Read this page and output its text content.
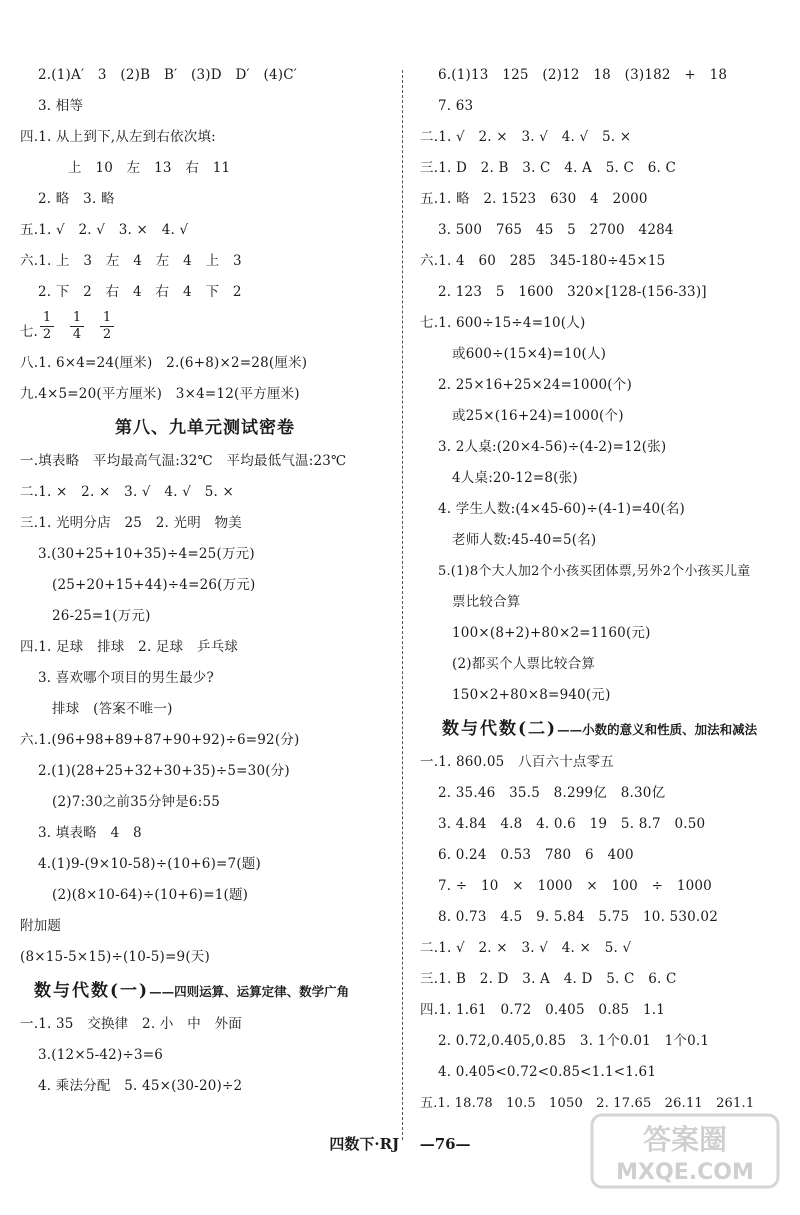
2.(1)A′　3　(2)B　B′　(3)D　D′　(4)C′
3. 相等
四.1. 从上到下,从左到右依次填:
上　10　左　13　右　11
2. 略　3. 略
五.1. √　2. √　3. ×　4. √
六.1. 上　3　左　4　左　4　上　3
2. 下　2　右　4　右　4　下　2
七. $\frac{1}{2} \frac{1}{4} \frac{1}{2}$
八.1. 6×4=24(厘米)　2.(6+8)×2=28(厘米)
九.4×5=20(平方厘米)　3×4=12(平方厘米)
第八、九单元测试密卷
一.填表略　平均最高气温:32℃　平均最低气温:23℃
二.1. ×　2. ×　3. √　4. √　5. ×
三.1. 光明分店　25　2. 光明　物美
3.(30+25+10+35)÷4=25(万元)
(25+20+15+44)÷4=26(万元)
26-25=1(万元)
四.1. 足球　排球　2. 足球　乒乓球
3. 喜欢哪个项目的男生最少?
排球　(答案不唯一)
六.1.(96+98+89+87+90+92)÷6=92(分)
2.(1)(28+25+32+30+35)÷5=30(分)
(2)7:30之前35分钟是6:55
3. 填表略　4　8
4.(1)9-(9×10-58)÷(10+6)=7(题)
(2)(8×10-64)÷(10+6)=1(题)
附加题
(8×15-5×15)÷(10-5)=9(天)
数与代数(一)——四则运算、运算定律、数学广角
一.1. 35　交换律　2. 小　中　外面
3.(12×5-42)÷3=6
4. 乘法分配　5. 45×(30-20)÷2
6.(1)13　125　(2)12　18　(3)182　+　18
7. 63
二.1. √　2. ×　3. √　4. √　5. ×
三.1. D　2. B　3. C　4. A　5. C　6. C
五.1. 略　2. 1523　630　4　2000
3. 500　765　45　5　2700　4284
六.1. 4　60　285　345-180÷45×15
2. 123　5　1600　320×[128-(156-33)]
七.1. 600÷15÷4=10(人)
或600÷(15×4)=10(人)
2. 25×16+25×24=1000(个)
或25×(16+24)=1000(个)
3. 2人桌:(20×4-56)÷(4-2)=12(张)
4人桌:20-12=8(张)
4. 学生人数:(4×45-60)÷(4-1)=40(名)
老师人数:45-40=5(名)
5.(1)8个大人加2个小孩买团体票,另外2个小孩买儿童
票比较合算
100×(8+2)+80×2=1160(元)
(2)都买个人票比较合算
150×2+80×8=940(元)
数与代数(二)——小数的意义和性质、加法和减法
一.1. 860.05　八百六十点零五
2. 35.46　35.5　8.299亿　8.30亿
3. 4.84　4.8　4. 0.6　19　5. 8.7　0.50
6. 0.24　0.53　780　6　400
7. ÷　10　×　1000　×　100　÷　1000
8. 0.73　4.5　9. 5.84　5.75　10. 530.02
二.1. √　2. ×　3. √　4. ×　5. √
三.1. B　2. D　3. A　4. D　5. C　6. C
四.1. 1.61　0.72　0.405　0.85　1.1
2. 0.72,0.405,0.85　3. 1个0.01　1个0.1
4. 0.405<0.72<0.85<1.1<1.61
五.1. 18.78　10.5　1050　2. 17.65　26.11　261.1
四数下·RJ —76—	答案圈
MXQE.COM
